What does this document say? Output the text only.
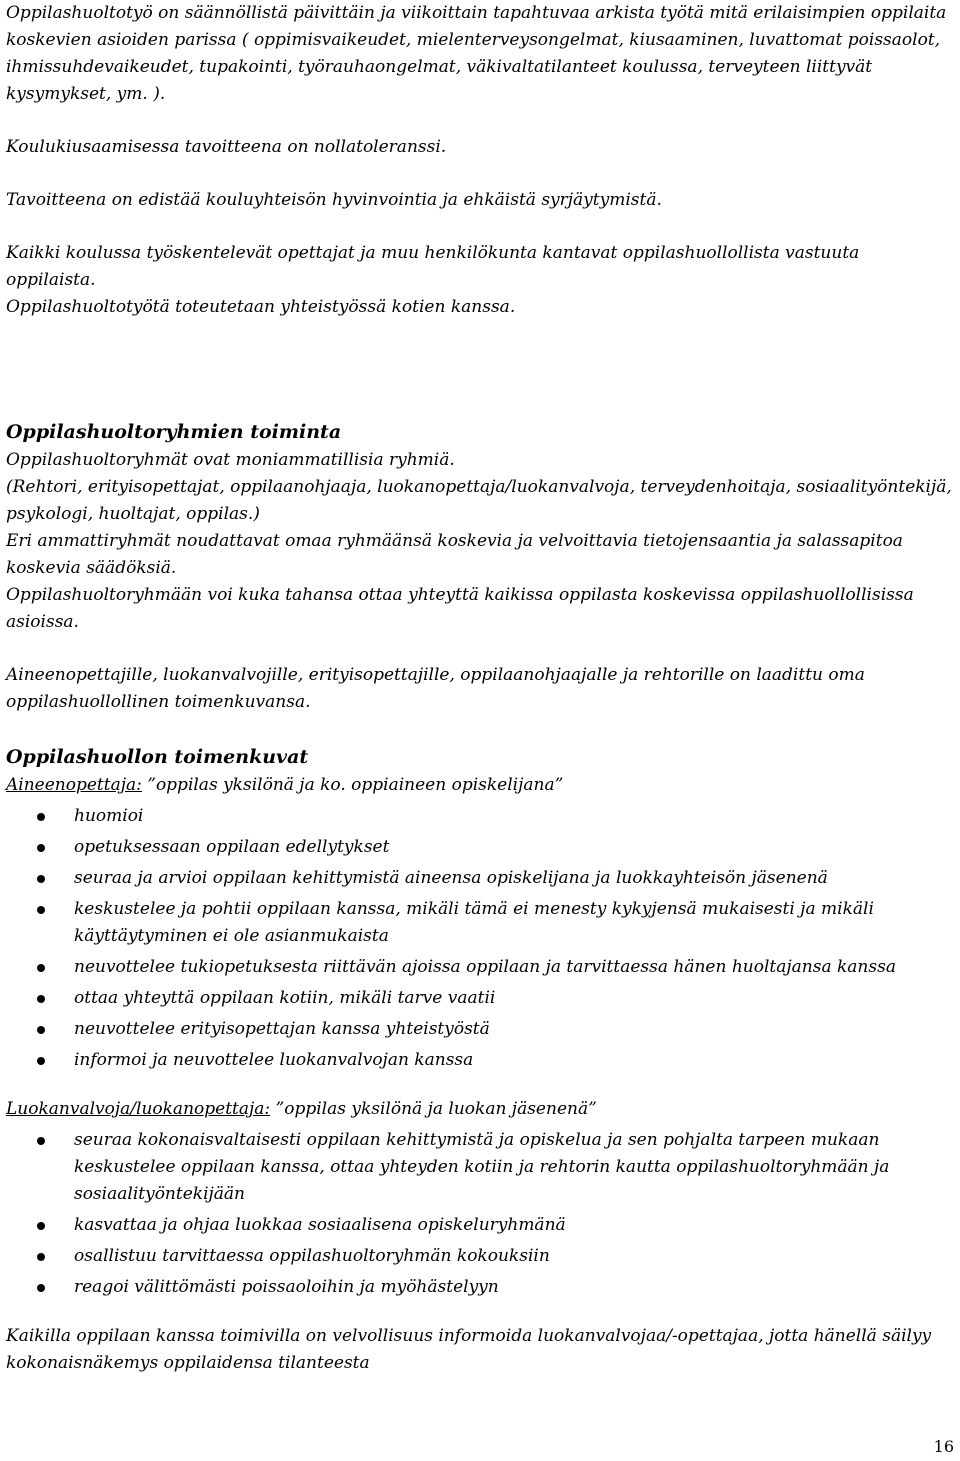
Oppilashuoltotyö on säännöllistä päivittäin ja viikoittain tapahtuvaa arkista työtä mitä erilaisimpien oppilaita koskevien asioiden parissa ( oppimisvaikeudet, mielenterveysongelmat, kiusaaminen, luvattomat poissaolot, ihmissuhdevaikeudet, tupakointi, työrauhaongelmat, väkivaltatilanteet koulussa, terveyteen liittyvät kysymykset, ym. ).

Koulukiusaamisessa tavoitteena on nollatoleranssi.

Tavoitteena on edistää kouluyhteisön hyvinvointia ja ehkäistä syrjäytymistä.

Kaikki koulussa työskentelevät opettajat ja muu henkilökunta kantavat oppilashuollollista vastuuta oppilaista.

Oppilashuoltotyötä toteutetaan yhteistyössä kotien kanssa.

Oppilashuoltoryhmien toiminta

Oppilashuoltoryhmät ovat moniammatillisia ryhmiä.

(Rehtori, erityisopettajat, oppilaanohjaaja, luokanopettaja/luokanvalvoja, terveydenhoitaja, sosiaalityöntekijä, psykologi, huoltajat, oppilas.)

Eri ammattiryhmät noudattavat omaa ryhmäänsä koskevia ja velvoittavia tietojensaantia ja salassapitoa koskevia säädöksiä.

Oppilashuoltoryhmään voi kuka tahansa ottaa yhteyttä kaikissa oppilasta koskevissa oppilashuollollisissa asioissa.

Aineenopettajille, luokanvalvojille, erityisopettajille, oppilaanohjaajalle ja rehtorille on laadittu oma oppilashuollollinen toimenkuvansa.

Oppilashuollon toimenkuvat

Aineenopettaja: ”oppilas yksilönä ja ko. oppiaineen opiskelijana”

huomioi
opetuksessaan oppilaan edellytykset
seuraa ja arvioi oppilaan kehittymistä aineensa opiskelijana ja luokkayhteisön jäsenenä
keskustelee ja pohtii oppilaan kanssa, mikäli tämä ei menesty kykyjensä mukaisesti ja mikäli käyttäytyminen ei ole asianmukaista
neuvottelee tukiopetuksesta riittävän ajoissa oppilaan ja tarvittaessa hänen huoltajansa kanssa
ottaa yhteyttä oppilaan kotiin, mikäli tarve vaatii
neuvottelee erityisopettajan kanssa yhteistyöstä
informoi ja neuvottelee luokanvalvojan kanssa

Luokanvalvoja/luokanopettaja: ”oppilas yksilönä ja luokan jäsenenä”

seuraa kokonaisvaltaisesti oppilaan kehittymistä ja opiskelua ja sen pohjalta tarpeen mukaan keskustelee oppilaan kanssa, ottaa yhteyden kotiin ja rehtorin kautta oppilashuoltoryhmään ja sosiaalityöntekijään
kasvattaa ja ohjaa luokkaa sosiaalisena opiskeluryhmänä
osallistuu tarvittaessa oppilashuoltoryhmän kokouksiin
reagoi välittömästi poissaoloihin ja myöhästelyyn

Kaikilla oppilaan kanssa toimivilla on velvollisuus informoida luokanvalvojaa/-opettajaa, jotta hänellä säilyy kokonaisnäkemys oppilaidensa tilanteesta

16
